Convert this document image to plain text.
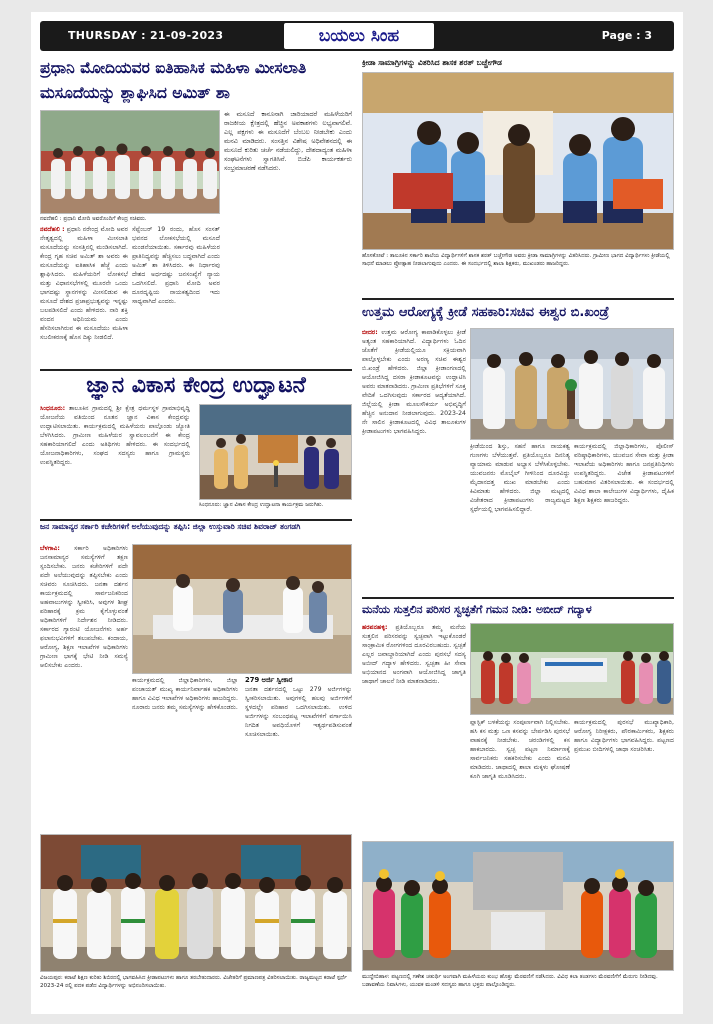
THURSDAY : 21-09-2023	ಬಯಲು ಸಿಂಹ	Page : 3
ಪ್ರಧಾನಿ ಮೋದಿಯವರ ಐತಿಹಾಸಿಕ ಮಹಿಳಾ ಮೀಸಲಾತಿ ಮಸೂದೆಯನ್ನು ಶ್ಲಾಘಿಸಿದ ಅಮಿತ್ ಶಾ
ನವದೆಹಲಿ : ಪ್ರಧಾನಿ ಮೋದಿ ಅವರೊಂದಿಗೆ ಕೇಂದ್ರ ಸಚಿವರು.
ನವದೆಹಲಿ : ಪ್ರಧಾನಿ ನರೇಂದ್ರ ಮೋದಿ ಅವರ ನೇತೃತ್ವದಲ್ಲಿ ಮಹಿಳಾ ಮೀಸಲಾತಿ ಮಸೂದೆಯನ್ನು ಸಂಸತ್ತಿನಲ್ಲಿ ಮಂಡಿಸಲಾಗಿದೆ. ಕೇಂದ್ರ ಗೃಹ ಸಚಿವ ಅಮಿತ್ ಶಾ ಅವರು ಈ ಮಸೂದೆಯನ್ನು ಐತಿಹಾಸಿಕ ಹೆಜ್ಜೆ ಎಂದು ಶ್ಲಾಘಿಸಿದರು. ಮಹಿಳೆಯರಿಗೆ ಲೋಕಸಭೆ ಮತ್ತು ವಿಧಾನಸಭೆಗಳಲ್ಲಿ ಮೂರನೇ ಒಂದು ಭಾಗದಷ್ಟು ಸ್ಥಾನಗಳನ್ನು ಮೀಸಲಿಡುವ ಈ ಮಸೂದೆ ದೇಶದ ಪ್ರಜಾಪ್ರಭುತ್ವವನ್ನು ಇನ್ನಷ್ಟು ಬಲಪಡಿಸಲಿದೆ ಎಂದು ಹೇಳಿದರು. ನಾರಿ ಶಕ್ತಿ ವಂದನ ಅಧಿನಿಯಮ ಎಂದು ಹೆಸರಿಸಲಾಗಿರುವ ಈ ಮಸೂದೆಯು ಮಹಿಳಾ ಸಬಲೀಕರಣಕ್ಕೆ ಹೊಸ ದಿಕ್ಕು ನೀಡಲಿದೆ.
ಸೆಪ್ಟೆಂಬರ್ 19 ರಂದು, ಹೊಸ ಸಂಸತ್ ಭವನದ ಲೋಕಸಭೆಯಲ್ಲಿ ಮಸೂದೆ ಮಂಡನೆಯಾಯಿತು. ಸರ್ಕಾರವು ಮಹಿಳೆಯರ ಪ್ರಾತಿನಿಧ್ಯವನ್ನು ಹೆಚ್ಚಿಸಲು ಬದ್ಧವಾಗಿದೆ ಎಂದು ಅಮಿತ್ ಶಾ ತಿಳಿಸಿದರು. ಈ ನಿರ್ಧಾರವು ದೇಶದ ಅರ್ಧದಷ್ಟು ಜನಸಂಖ್ಯೆಗೆ ನ್ಯಾಯ ಒದಗಿಸಲಿದೆ. ಪ್ರಧಾನಿ ಮೋದಿ ಅವರ ದೂರದೃಷ್ಟಿಯ ನಾಯಕತ್ವದಿಂದ ಇದು ಸಾಧ್ಯವಾಗಿದೆ ಎಂದರು.
ಈ ಮಸೂದೆ ಕಾನೂನಾಗಿ ಜಾರಿಯಾದರೆ ಮಹಿಳೆಯರಿಗೆ ರಾಜಕೀಯ ಕ್ಷೇತ್ರದಲ್ಲಿ ಹೆಚ್ಚಿನ ಅವಕಾಶಗಳು ಲಭ್ಯವಾಗಲಿವೆ. ಎಲ್ಲ ಪಕ್ಷಗಳು ಈ ಮಸೂದೆಗೆ ಬೆಂಬಲ ನೀಡಬೇಕು ಎಂದು ಮನವಿ ಮಾಡಿದರು. ಸಂಸತ್ತಿನ ವಿಶೇಷ ಅಧಿವೇಶನದಲ್ಲಿ ಈ ಮಸೂದೆ ಕುರಿತು ಚರ್ಚೆ ನಡೆಯಲಿದ್ದು, ದೇಶದಾದ್ಯಂತ ಮಹಿಳಾ ಸಂಘಟನೆಗಳು ಸ್ವಾಗತಿಸಿವೆ. ಬಿಜೆಪಿ ಕಾರ್ಯಕರ್ತರು ಸಂಭ್ರಮಾಚರಣೆ ನಡೆಸಿದರು.
ಜ್ಞಾನ ವಿಕಾಸ ಕೇಂದ್ರ ಉದ್ಘಾಟನೆ
ಸಿಂಧನೂರು: ತಾಲೂಕಿನ ಗ್ರಾಮದಲ್ಲಿ ಶ್ರೀ ಕ್ಷೇತ್ರ ಧರ್ಮಸ್ಥಳ ಗ್ರಾಮಾಭಿವೃದ್ಧಿ ಯೋಜನೆಯ ವತಿಯಿಂದ ನೂತನ ಜ್ಞಾನ ವಿಕಾಸ ಕೇಂದ್ರವನ್ನು ಉದ್ಘಾಟಿಸಲಾಯಿತು. ಕಾರ್ಯಕ್ರಮದಲ್ಲಿ ಮಹಿಳೆಯರು ಪಾಲ್ಗೊಂಡು ಜ್ಯೋತಿ ಬೆಳಗಿಸಿದರು. ಗ್ರಾಮೀಣ ಮಹಿಳೆಯರ ಸ್ವಾವಲಂಬನೆಗೆ ಈ ಕೇಂದ್ರ ಸಹಕಾರಿಯಾಗಲಿದೆ ಎಂದು ಅತಿಥಿಗಳು ಹೇಳಿದರು. ಈ ಸಂದರ್ಭದಲ್ಲಿ ಯೋಜನಾಧಿಕಾರಿಗಳು, ಸಂಘದ ಸದಸ್ಯರು ಹಾಗೂ ಗ್ರಾಮಸ್ಥರು ಉಪಸ್ಥಿತರಿದ್ದರು.
ಸಿಂಧನೂರು: ಜ್ಞಾನ ವಿಕಾಸ ಕೇಂದ್ರ ಉದ್ಘಾಟನಾ ಕಾರ್ಯಕ್ರಮ ಜರುಗಿತು.
ಜನ ಸಾಮಾನ್ಯರ ಸರ್ಕಾರಿ ಕಚೇರಿಗಳಿಗೆ ಅಲೆಯುವುದನ್ನು ತಪ್ಪಿಸಿ: ಜಿಲ್ಲಾ ಉಸ್ತುವಾರಿ ಸಚಿವ ಶಿವರಾಜ್ ತಂಗಡಗಿ
ಬೆಳಗಾವಿ: ಸರ್ಕಾರಿ ಅಧಿಕಾರಿಗಳು ಜನಸಾಮಾನ್ಯರ ಸಮಸ್ಯೆಗಳಿಗೆ ತಕ್ಷಣ ಸ್ಪಂದಿಸಬೇಕು. ಜನರು ಕಚೇರಿಗಳಿಗೆ ಪದೇ ಪದೇ ಅಲೆಯುವುದನ್ನು ತಪ್ಪಿಸಬೇಕು ಎಂದು ಸಚಿವರು ಸೂಚಿಸಿದರು. ಜನತಾ ದರ್ಶನ ಕಾರ್ಯಕ್ರಮದಲ್ಲಿ ಸಾರ್ವಜನಿಕರಿಂದ ಅಹವಾಲುಗಳನ್ನು ಸ್ವೀಕರಿಸಿ, ಅವುಗಳ ಶೀಘ್ರ ಪರಿಹಾರಕ್ಕೆ ಕ್ರಮ ಕೈಗೊಳ್ಳುವಂತೆ ಅಧಿಕಾರಿಗಳಿಗೆ ನಿರ್ದೇಶನ ನೀಡಿದರು. ಸರ್ಕಾರದ ಗ್ಯಾರಂಟಿ ಯೋಜನೆಗಳು ಅರ್ಹ ಫಲಾನುಭವಿಗಳಿಗೆ ತಲುಪಬೇಕು. ಕಂದಾಯ, ಆರೋಗ್ಯ, ಶಿಕ್ಷಣ ಇಲಾಖೆಗಳ ಅಧಿಕಾರಿಗಳು ಗ್ರಾಮೀಣ ಭಾಗಕ್ಕೆ ಭೇಟಿ ನೀಡಿ ಸಮಸ್ಯೆ ಆಲಿಸಬೇಕು ಎಂದರು.
ಕಾರ್ಯಕ್ರಮದಲ್ಲಿ ಜಿಲ್ಲಾಧಿಕಾರಿಗಳು, ಜಿಲ್ಲಾ ಪಂಚಾಯತ್ ಮುಖ್ಯ ಕಾರ್ಯನಿರ್ವಾಹಕ ಅಧಿಕಾರಿಗಳು ಹಾಗೂ ವಿವಿಧ ಇಲಾಖೆಗಳ ಅಧಿಕಾರಿಗಳು ಹಾಜರಿದ್ದರು. ನೂರಾರು ಜನರು ತಮ್ಮ ಸಮಸ್ಯೆಗಳನ್ನು ಹೇಳಿಕೊಂಡರು.
279 ಅರ್ಜಿ ಸ್ವೀಕಾರ
ಜನತಾ ದರ್ಶನದಲ್ಲಿ ಒಟ್ಟು 279 ಅರ್ಜಿಗಳನ್ನು ಸ್ವೀಕರಿಸಲಾಯಿತು. ಅವುಗಳಲ್ಲಿ ಹಲವು ಅರ್ಜಿಗಳಿಗೆ ಸ್ಥಳದಲ್ಲೇ ಪರಿಹಾರ ಒದಗಿಸಲಾಯಿತು. ಉಳಿದ ಅರ್ಜಿಗಳನ್ನು ಸಂಬಂಧಪಟ್ಟ ಇಲಾಖೆಗಳಿಗೆ ವರ್ಗಾಯಿಸಿ ನಿಗದಿತ ಅವಧಿಯೊಳಗೆ ಇತ್ಯರ್ಥಪಡಿಸುವಂತೆ ಸೂಚಿಸಲಾಯಿತು.
ವಿಜಯಪುರ: ಕರಾಟೆ ಶಿಕ್ಷಣ ಕುರಿತು ಶಿಬಿರದಲ್ಲಿ ಭಾಗವಹಿಸಿದ ಕ್ರೀಡಾಪಟುಗಳು ಹಾಗೂ ತರಬೇತುದಾರರು. ವಿಜೇತರಿಗೆ ಪ್ರಮಾಣಪತ್ರ ವಿತರಿಸಲಾಯಿತು. ರಾಜ್ಯಮಟ್ಟದ ಕರಾಟೆ ಸ್ಪರ್ಧೆ 2023-24 ರಲ್ಲಿ ಪದಕ ಪಡೆದ ವಿದ್ಯಾರ್ಥಿಗಳನ್ನು ಅಭಿನಂದಿಸಲಾಯಿತು.
ಕ್ರೀಡಾ ಸಾಮಾಗ್ರಿಗಳನ್ನು ವಿತರಿಸಿದ ಶಾಸಕ ಶರತ್ ಬಚ್ಚೇಗೌಡ
ಹೊಸಕೋಟೆ : ತಾಲೂಕಿನ ಸರ್ಕಾರಿ ಶಾಲೆಯ ವಿದ್ಯಾರ್ಥಿಗಳಿಗೆ ಶಾಸಕ ಶರತ್ ಬಚ್ಚೇಗೌಡ ಅವರು ಕ್ರೀಡಾ ಸಾಮಾಗ್ರಿಗಳನ್ನು ವಿತರಿಸಿದರು. ಗ್ರಾಮೀಣ ಭಾಗದ ವಿದ್ಯಾರ್ಥಿಗಳು ಕ್ರೀಡೆಯಲ್ಲಿ ಸಾಧನೆ ಮಾಡಲು ಪ್ರೋತ್ಸಾಹ ನೀಡಲಾಗುವುದು ಎಂದರು. ಈ ಸಂದರ್ಭದಲ್ಲಿ ಶಾಲಾ ಶಿಕ್ಷಕರು, ಮುಖಂಡರು ಹಾಜರಿದ್ದರು.
ಉತ್ತಮ ಆರೋಗ್ಯಕ್ಕೆ ಕ್ರೀಡೆ ಸಹಕಾರಿ:ಸಚಿವ ಈಶ್ವರ ಬಿ.ಖಂಡ್ರೆ
ಬೀದರ: ಉತ್ತಮ ಆರೋಗ್ಯ ಕಾಪಾಡಿಕೊಳ್ಳಲು ಕ್ರೀಡೆ ಅತ್ಯಂತ ಸಹಕಾರಿಯಾಗಿದೆ. ವಿದ್ಯಾರ್ಥಿಗಳು ಓದಿನ ಜೊತೆಗೆ ಕ್ರೀಡೆಯಲ್ಲಿಯೂ ಸಕ್ರಿಯವಾಗಿ ಪಾಲ್ಗೊಳ್ಳಬೇಕು ಎಂದು ಅರಣ್ಯ ಸಚಿವ ಈಶ್ವರ ಬಿ.ಖಂಡ್ರೆ ಹೇಳಿದರು. ಜಿಲ್ಲಾ ಕ್ರೀಡಾಂಗಣದಲ್ಲಿ ಆಯೋಜಿಸಿದ್ದ ದಸರಾ ಕ್ರೀಡಾಕೂಟವನ್ನು ಉದ್ಘಾಟಿಸಿ ಅವರು ಮಾತನಾಡಿದರು. ಗ್ರಾಮೀಣ ಪ್ರತಿಭೆಗಳಿಗೆ ಸೂಕ್ತ ವೇದಿಕೆ ಒದಗಿಸುವುದು ಸರ್ಕಾರದ ಆದ್ಯತೆಯಾಗಿದೆ. ಜಿಲ್ಲೆಯಲ್ಲಿ ಕ್ರೀಡಾ ಮೂಲಸೌಕರ್ಯ ಅಭಿವೃದ್ಧಿಗೆ ಹೆಚ್ಚಿನ ಅನುದಾನ ನೀಡಲಾಗುವುದು. 2023-24 ನೇ ಸಾಲಿನ ಕ್ರೀಡಾಕೂಟದಲ್ಲಿ ವಿವಿಧ ತಾಲೂಕುಗಳ ಕ್ರೀಡಾಪಟುಗಳು ಭಾಗವಹಿಸಿದ್ದರು.
ಕ್ರೀಡೆಯಿಂದ ಶಿಸ್ತು, ಸಹನೆ ಹಾಗೂ ನಾಯಕತ್ವ ಗುಣಗಳು ಬೆಳೆಯುತ್ತವೆ. ಪ್ರತಿಯೊಬ್ಬರೂ ದಿನನಿತ್ಯ ವ್ಯಾಯಾಮ ಮಾಡುವ ಅಭ್ಯಾಸ ಬೆಳೆಸಿಕೊಳ್ಳಬೇಕು. ಯುವಜನರು ಮೊಬೈಲ್ ಗೀಳಿನಿಂದ ದೂರವಿದ್ದು ಮೈದಾನದತ್ತ ಮುಖ ಮಾಡಬೇಕು ಎಂದು ಕಿವಿಮಾತು ಹೇಳಿದರು. ಜಿಲ್ಲಾ ಮಟ್ಟದಲ್ಲಿ ವಿಜೇತರಾದ ಕ್ರೀಡಾಪಟುಗಳು ರಾಜ್ಯಮಟ್ಟದ ಸ್ಪರ್ಧೆಯಲ್ಲಿ ಭಾಗವಹಿಸಲಿದ್ದಾರೆ.
ಕಾರ್ಯಕ್ರಮದಲ್ಲಿ ಜಿಲ್ಲಾಧಿಕಾರಿಗಳು, ಪೊಲೀಸ್ ವರಿಷ್ಠಾಧಿಕಾರಿಗಳು, ಯುವಜನ ಸೇವಾ ಮತ್ತು ಕ್ರೀಡಾ ಇಲಾಖೆಯ ಅಧಿಕಾರಿಗಳು ಹಾಗೂ ಜನಪ್ರತಿನಿಧಿಗಳು ಉಪಸ್ಥಿತರಿದ್ದರು. ವಿಜೇತ ಕ್ರೀಡಾಪಟುಗಳಿಗೆ ಬಹುಮಾನ ವಿತರಿಸಲಾಯಿತು. ಈ ಸಂದರ್ಭದಲ್ಲಿ ವಿವಿಧ ಶಾಲಾ ಕಾಲೇಜುಗಳ ವಿದ್ಯಾರ್ಥಿಗಳು, ದೈಹಿಕ ಶಿಕ್ಷಣ ಶಿಕ್ಷಕರು ಹಾಜರಿದ್ದರು.
ಮನೆಯ ಸುತ್ತಲಿನ ಪರಿಸರ ಸ್ವಚ್ಛತೆಗೆ ಗಮನ ನೀಡಿ: ಅಬೀದ್ ಗದ್ಯಾಳ
ಹರಪನಹಳ್ಳಿ: ಪ್ರತಿಯೊಬ್ಬರೂ ತಮ್ಮ ಮನೆಯ ಸುತ್ತಲಿನ ಪರಿಸರವನ್ನು ಸ್ವಚ್ಛವಾಗಿ ಇಟ್ಟುಕೊಂಡರೆ ಸಾಂಕ್ರಾಮಿಕ ರೋಗಗಳಿಂದ ದೂರವಿರಬಹುದು. ಸ್ವಚ್ಛತೆ ಎಲ್ಲರ ಜವಾಬ್ದಾರಿಯಾಗಿದೆ ಎಂದು ಪುರಸಭೆ ಸದಸ್ಯ ಅಬೀದ್ ಗದ್ಯಾಳ ಹೇಳಿದರು. ಸ್ವಚ್ಛತಾ ಹೀ ಸೇವಾ ಅಭಿಯಾನದ ಅಂಗವಾಗಿ ಆಯೋಜಿಸಿದ್ದ ಜಾಗೃತಿ ಜಾಥಾಗೆ ಚಾಲನೆ ನೀಡಿ ಮಾತನಾಡಿದರು.
ಪ್ಲಾಸ್ಟಿಕ್ ಬಳಕೆಯನ್ನು ಸಂಪೂರ್ಣವಾಗಿ ನಿಲ್ಲಿಸಬೇಕು. ಹಸಿ ಕಸ ಮತ್ತು ಒಣ ಕಸವನ್ನು ಬೇರ್ಪಡಿಸಿ ಪುರಸಭೆ ವಾಹನಕ್ಕೆ ನೀಡಬೇಕು. ಚರಂಡಿಗಳಲ್ಲಿ ಕಸ ಹಾಕಬಾರದು. ಸ್ವಚ್ಛ ಪಟ್ಟಣ ನಿರ್ಮಾಣಕ್ಕೆ ಸಾರ್ವಜನಿಕರು ಸಹಕರಿಸಬೇಕು ಎಂದು ಮನವಿ ಮಾಡಿದರು. ಜಾಥಾದಲ್ಲಿ ಶಾಲಾ ಮಕ್ಕಳು ಘೋಷಣೆ ಕೂಗಿ ಜಾಗೃತಿ ಮೂಡಿಸಿದರು.
ಕಾರ್ಯಕ್ರಮದಲ್ಲಿ ಪುರಸಭೆ ಮುಖ್ಯಾಧಿಕಾರಿ, ಆರೋಗ್ಯ ನಿರೀಕ್ಷಕರು, ಪೌರಕಾರ್ಮಿಕರು, ಶಿಕ್ಷಕರು ಹಾಗೂ ವಿದ್ಯಾರ್ಥಿಗಳು ಭಾಗವಹಿಸಿದ್ದರು. ಪಟ್ಟಣದ ಪ್ರಮುಖ ಬೀದಿಗಳಲ್ಲಿ ಜಾಥಾ ಸಂಚರಿಸಿತು.
ಮುದ್ದೇಬಿಹಾಳ: ಪಟ್ಟಣದಲ್ಲಿ ಗಣೇಶ ಚತುರ್ಥಿ ಅಂಗವಾಗಿ ಮಹಿಳೆಯರು ಕುಂಭ ಹೊತ್ತು ಮೆರವಣಿಗೆ ನಡೆಸಿದರು. ವಿವಿಧ ಕಲಾ ತಂಡಗಳು ಮೆರವಣಿಗೆಗೆ ಮೆರುಗು ನೀಡಿದವು. ಬಡಾವಣೆಯ ನಿವಾಸಿಗಳು, ಯುವಕ ಮಂಡಳಿ ಸದಸ್ಯರು ಹಾಗೂ ಭಕ್ತರು ಪಾಲ್ಗೊಂಡಿದ್ದರು.
